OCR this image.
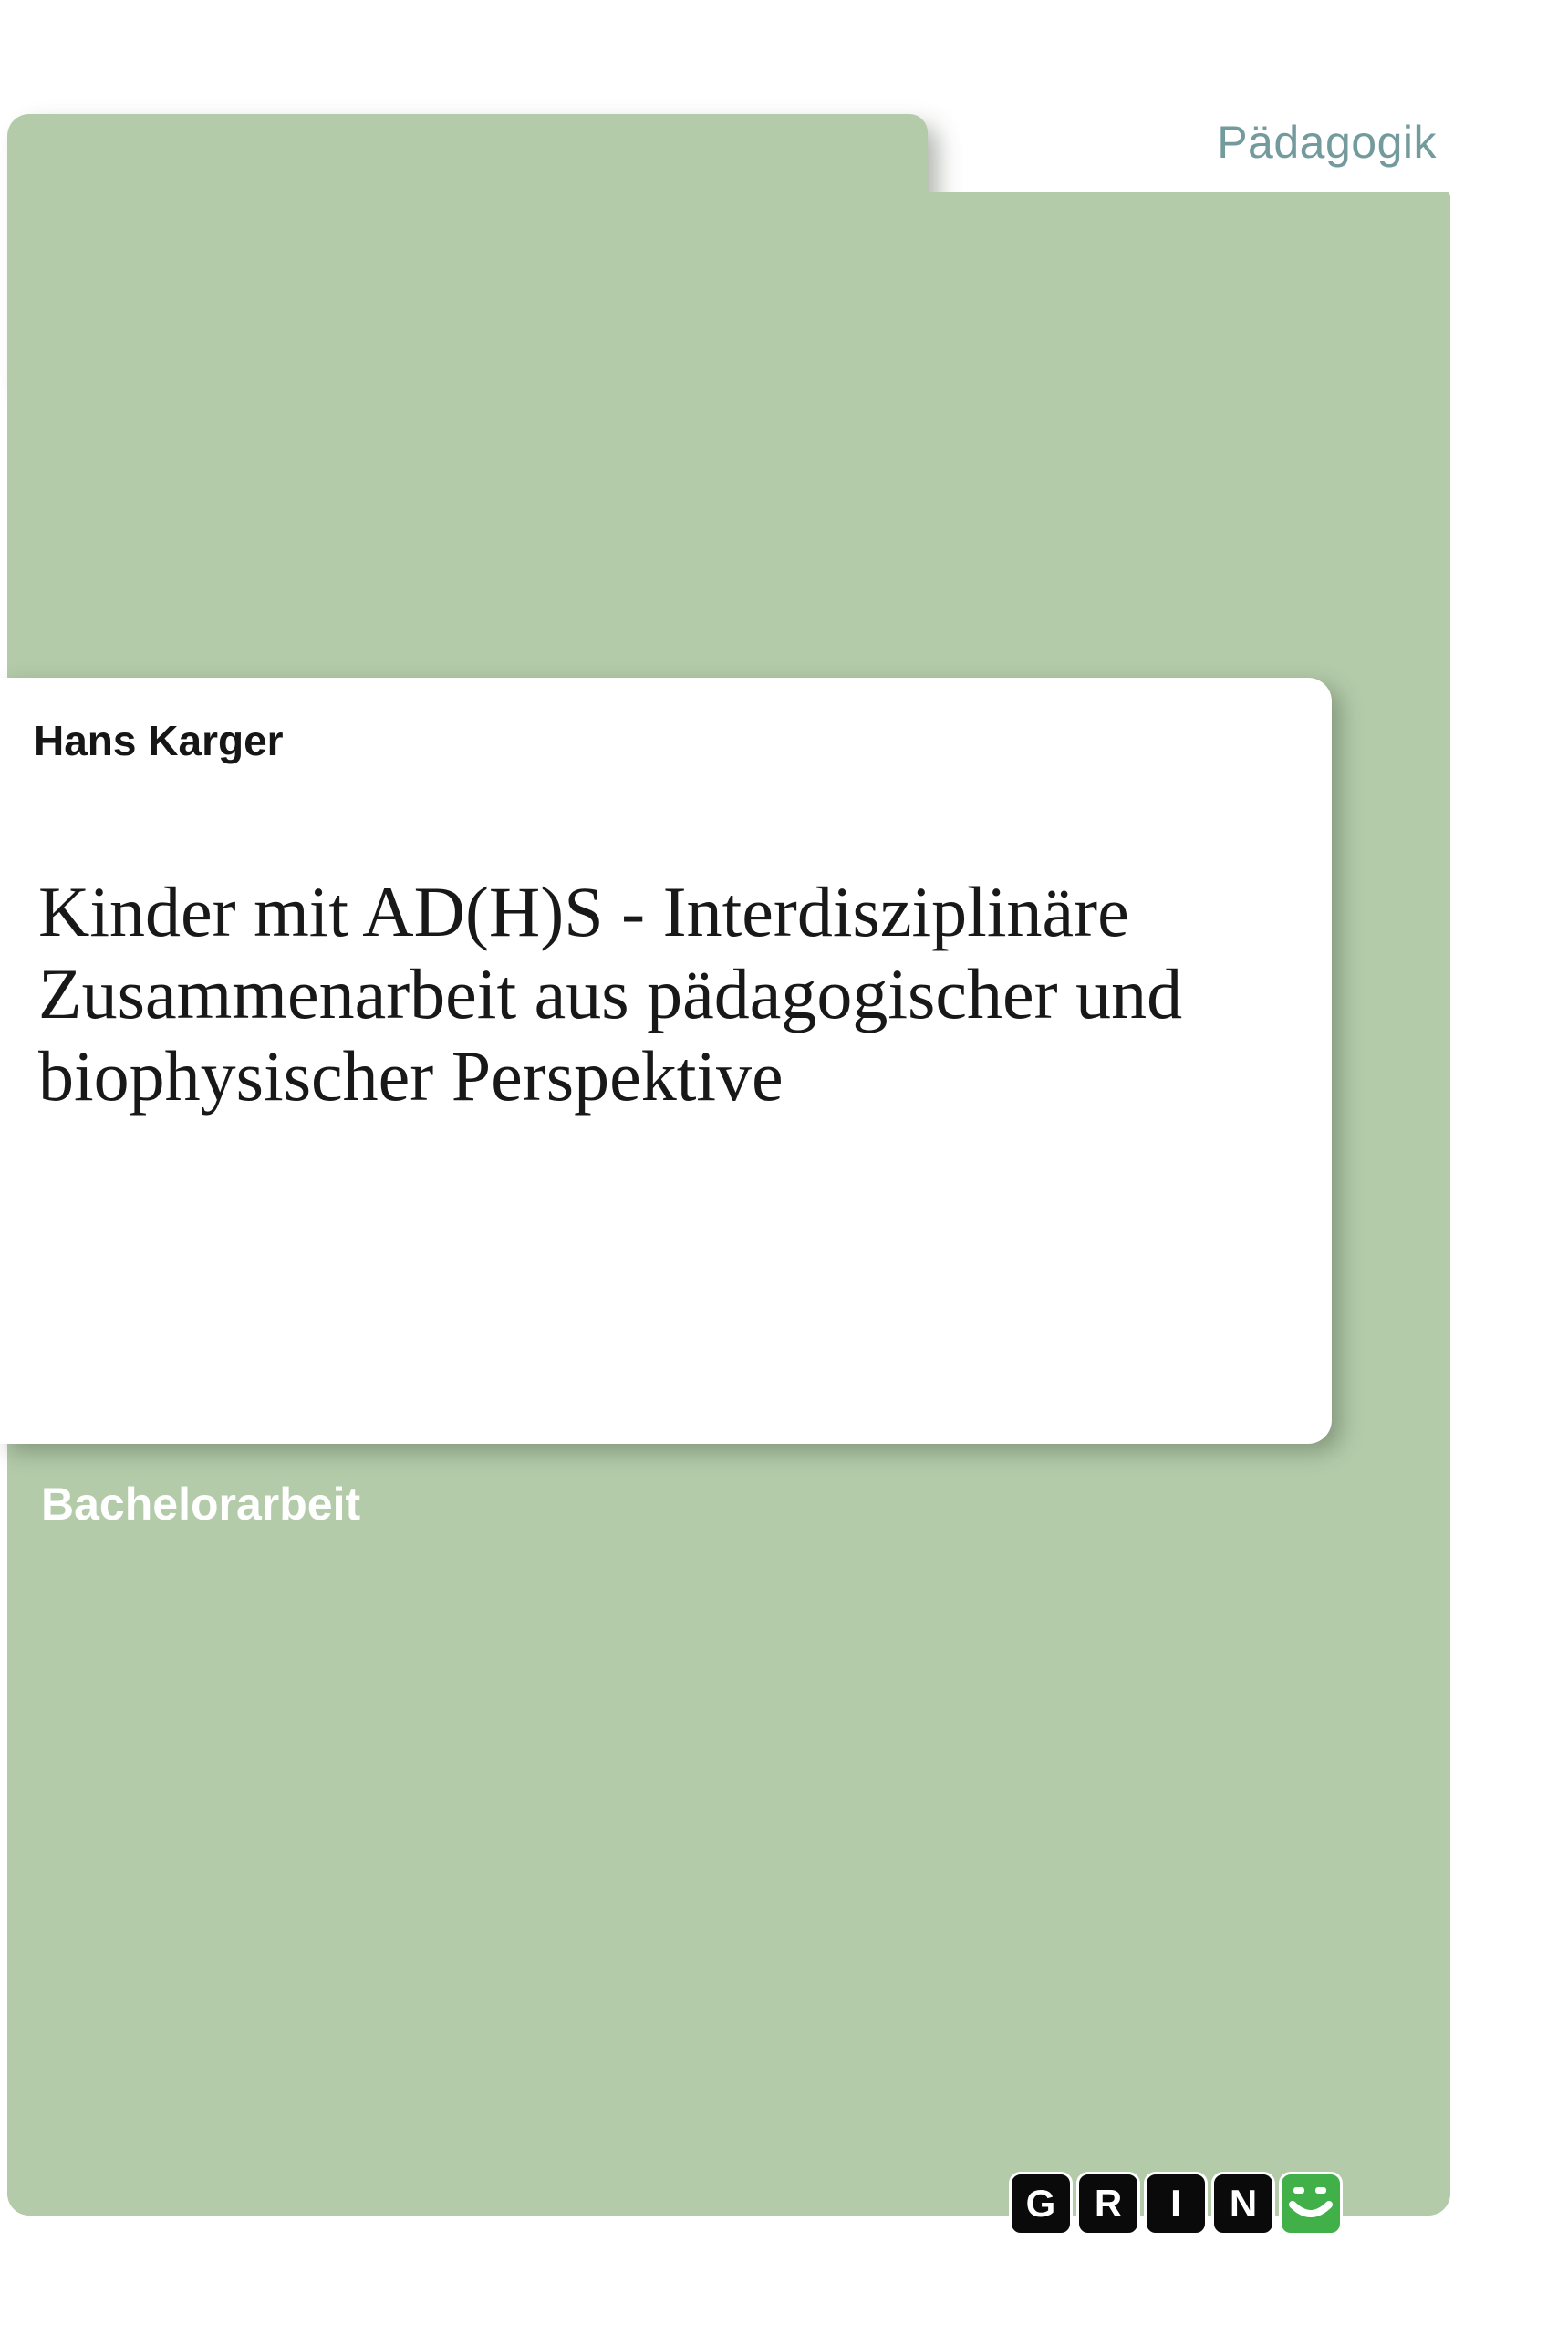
Pädagogik
Hans Karger
Kinder mit AD(H)S - Interdisziplinäre Zusammenarbeit aus pädagogischer und biophysischer Perspektive
Bachelorarbeit
G	R	I	N
